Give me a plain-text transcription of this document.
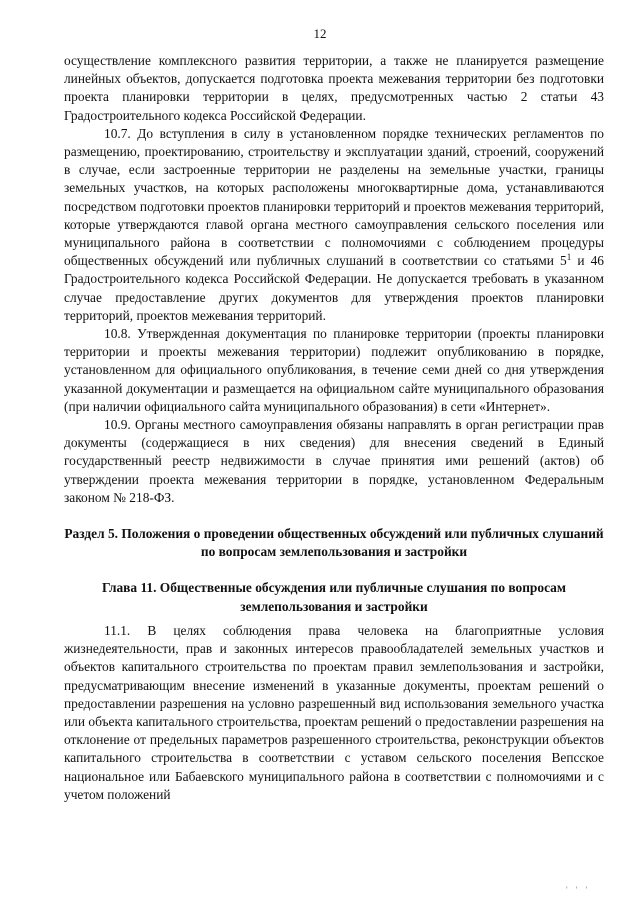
12

осуществление комплексного развития территории, а также не планируется размещение линейных объектов, допускается подготовка проекта межевания территории без подготовки проекта планировки территории в целях, предусмотренных частью 2 статьи 43 Градостроительного кодекса Российской Федерации.

10.7. До вступления в силу в установленном порядке технических регламентов по размещению, проектированию, строительству и эксплуатации зданий, строений, сооружений в случае, если застроенные территории не разделены на земельные участки, границы земельных участков, на которых расположены многоквартирные дома, устанавливаются посредством подготовки проектов планировки территорий и проектов межевания территорий, которые утверждаются главой органа местного самоуправления сельского поселения или муниципального района в соответствии с полномочиями с соблюдением процедуры общественных обсуждений или публичных слушаний в соответствии со статьями $5^1$ и 46 Градостроительного кодекса Российской Федерации. Не допускается требовать в указанном случае предоставление других документов для утверждения проектов планировки территорий, проектов межевания территорий.

10.8. Утвержденная документация по планировке территории (проекты планировки территории и проекты межевания территории) подлежит опубликованию в порядке, установленном для официального опубликования, в течение семи дней со дня утверждения указанной документации и размещается на официальном сайте муниципального образования (при наличии официального сайта муниципального образования) в сети «Интернет».

10.9. Органы местного самоуправления обязаны направлять в орган регистрации прав документы (содержащиеся в них сведения) для внесения сведений в Единый государственный реестр недвижимости в случае принятия ими решений (актов) об утверждении проекта межевания территории в порядке, установленном Федеральным законом № 218-ФЗ.

Раздел 5. Положения о проведении общественных обсуждений или публичных слушаний по вопросам землепользования и застройки
Глава 11. Общественные обсуждения или публичные слушания по вопросам землепользования и застройки

11.1. В целях соблюдения права человека на благоприятные условия жизнедеятельности, прав и законных интересов правообладателей земельных участков и объектов капитального строительства по проектам правил землепользования и застройки, предусматривающим внесение изменений в указанные документы, проектам решений о предоставлении разрешения на условно разрешенный вид использования земельного участка или объекта капитального строительства, проектам решений о предоставлении разрешения на отклонение от предельных параметров разрешенного строительства, реконструкции объектов капитального строительства в соответствии с уставом сельского поселения Вепсское национальное или Бабаевского муниципального района в соответствии с полномочиями и с учетом положений

' ' '
